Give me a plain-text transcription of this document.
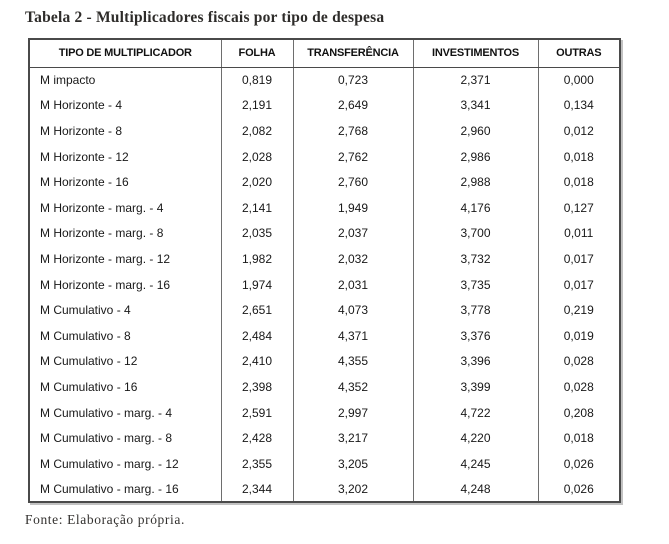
Tabela 2 - Multiplicadores fiscais por tipo de despesa
TIPO DE MULTIPLICADOR	FOLHA	TRANSFERÊNCIA	INVESTIMENTOS	OUTRAS
M impacto	0,819	0,723	2,371	0,000
M Horizonte - 4	2,191	2,649	3,341	0,134
M Horizonte - 8	2,082	2,768	2,960	0,012
M Horizonte - 12	2,028	2,762	2,986	0,018
M Horizonte - 16	2,020	2,760	2,988	0,018
M Horizonte - marg. - 4	2,141	1,949	4,176	0,127
M Horizonte - marg. - 8	2,035	2,037	3,700	0,011
M Horizonte - marg. - 12	1,982	2,032	3,732	0,017
M Horizonte - marg. - 16	1,974	2,031	3,735	0,017
M Cumulativo - 4	2,651	4,073	3,778	0,219
M Cumulativo - 8	2,484	4,371	3,376	0,019
M Cumulativo - 12	2,410	4,355	3,396	0,028
M Cumulativo - 16	2,398	4,352	3,399	0,028
M Cumulativo - marg. - 4	2,591	2,997	4,722	0,208
M Cumulativo - marg. - 8	2,428	3,217	4,220	0,018
M Cumulativo - marg. - 12	2,355	3,205	4,245	0,026
M Cumulativo - marg. - 16	2,344	3,202	4,248	0,026
Fonte: Elaboração própria.
